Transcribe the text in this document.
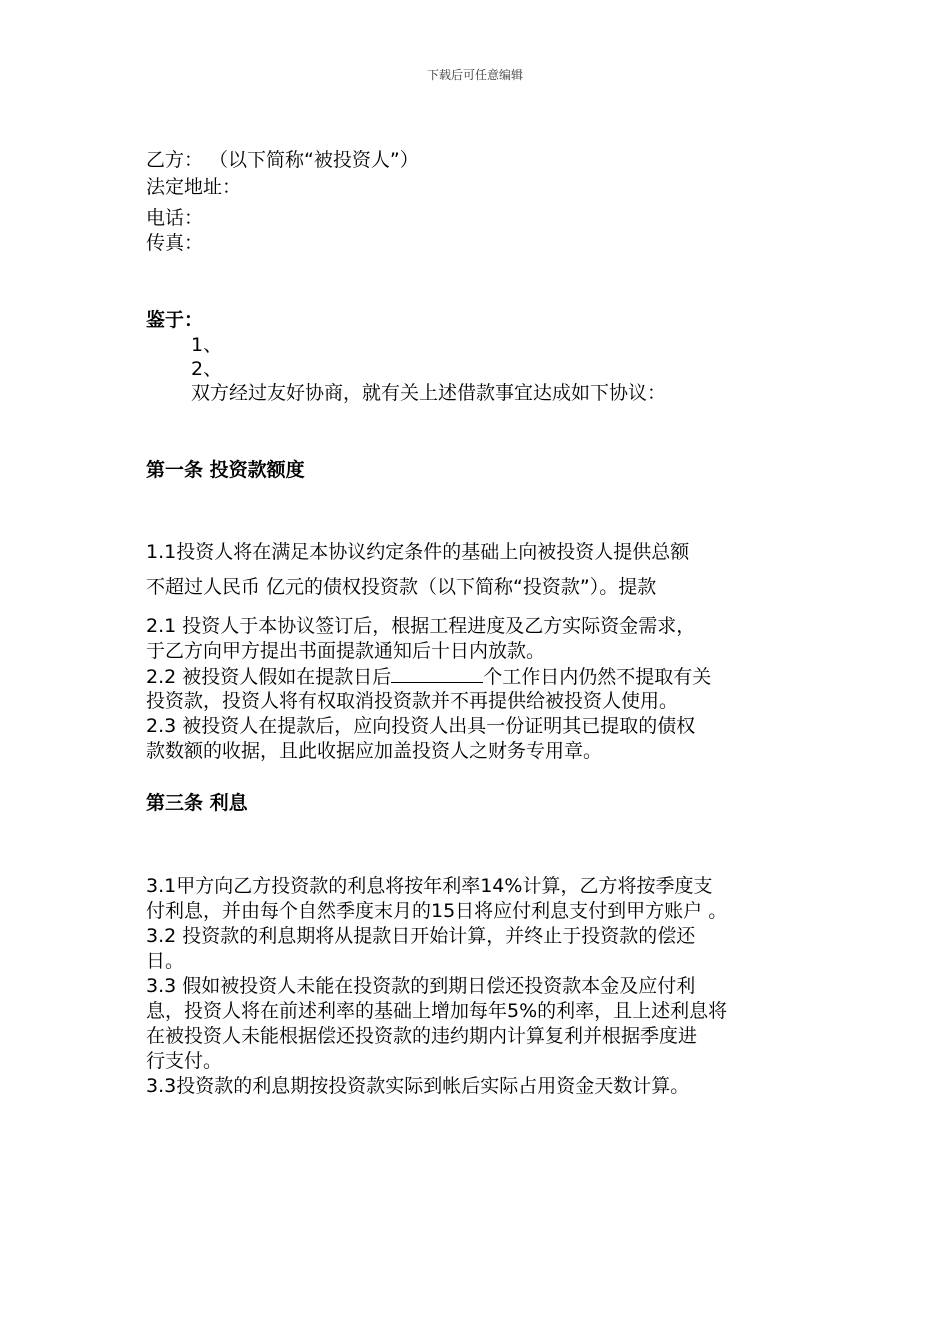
下载后可任意编辑
乙方： （以下简称“被投资人”）
法定地址：
电话：
传真：
鉴于：
1、
2、
双方经过友好协商，就有关上述借款事宜达成如下协议：
第一条 投资款额度
1.1投资人将在满足本协议约定条件的基础上向被投资人提供总额
不超过人民币 亿元的债权投资款（以下简称“投资款”）。提款
2.1 投资人于本协议签订后，根据工程进度及乙方实际资金需求，
于乙方向甲方提出书面提款通知后十日内放款。
2.2 被投资人假如在提款日后	个工作日内仍然不提取有关
投资款，投资人将有权取消投资款并不再提供给被投资人使用。
2.3 被投资人在提款后，应向投资人出具一份证明其已提取的债权
款数额的收据，且此收据应加盖投资人之财务专用章。
第三条 利息
3.1甲方向乙方投资款的利息将按年利率14%计算，乙方将按季度支
付利息，并由每个自然季度末月的15日将应付利息支付到甲方账户 。
3.2 投资款的利息期将从提款日开始计算，并终止于投资款的偿还
日。
3.3 假如被投资人未能在投资款的到期日偿还投资款本金及应付利
息，投资人将在前述利率的基础上增加每年5%的利率，且上述利息将
在被投资人未能根据偿还投资款的违约期内计算复利并根据季度进
行支付。
3.3投资款的利息期按投资款实际到帐后实际占用资金天数计算。
